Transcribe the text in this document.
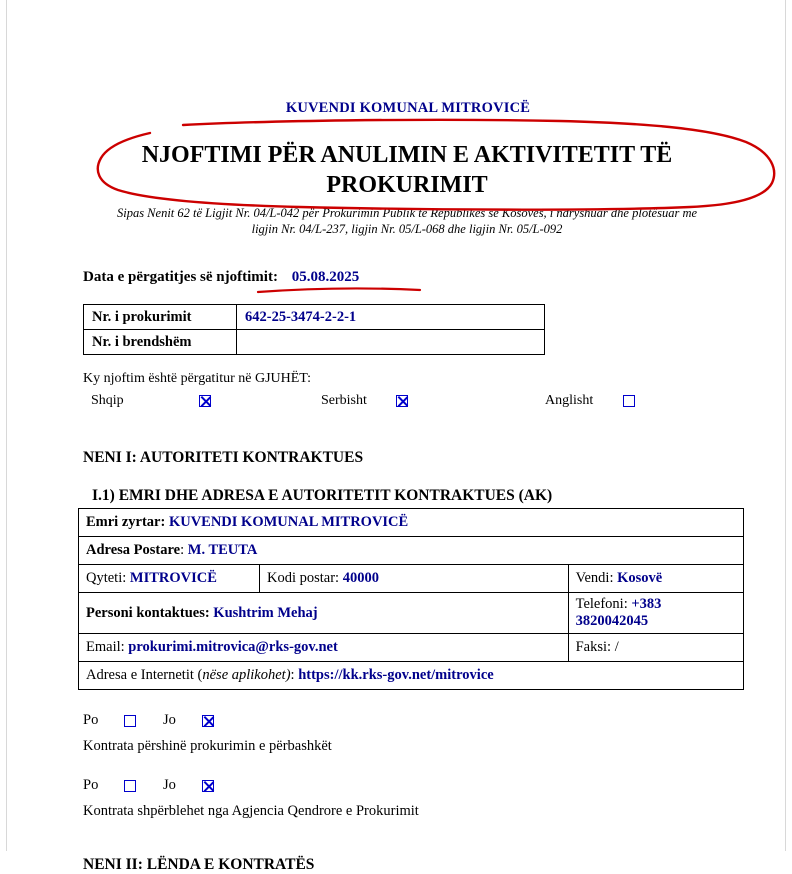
KUVENDI KOMUNAL MITROVICË
NJOFTIMI PËR ANULIMIN E AKTIVITETIT TË
PROKURIMIT
Sipas Nenit 62 të Ligjit Nr. 04/L-042 për Prokurimin Publik të Republikës se Kosovës, i ndryshuar dhe plotësuar me
ligjin Nr. 04/L-237, ligjin Nr. 05/L-068 dhe ligjin Nr. 05/L-092
Data e përgatitjes së njoftimit: 05.08.2025
Nr. i prokurimit	642-25-3474-2-2-1
Nr. i brendshëm	
Ky njoftim është përgatitur në GJUHËT:
Shqip	Serbisht	Anglisht
NENI I: AUTORITETI KONTRAKTUES
I.1) EMRI DHE ADRESA E AUTORITETIT KONTRAKTUES (AK)
Emri zyrtar: KUVENDI KOMUNAL MITROVICË		
Adresa Postare: M. TEUTA		
Qyteti: MITROVICË	Kodi postar: 40000	Vendi: Kosovë
Personi kontaktues: Kushtrim Mehaj		Telefoni: +383 3820042045
Email: prokurimi.mitrovica@rks-gov.net		Faksi: /
Adresa e Internetit (nëse aplikohet): https://kk.rks-gov.net/mitrovice		
Po	Jo
Kontrata përshinë prokurimin e përbashkët
Po	Jo
Kontrata shpërblehet nga Agjencia Qendrore e Prokurimit
NENI II: LËNDA E KONTRATËS
